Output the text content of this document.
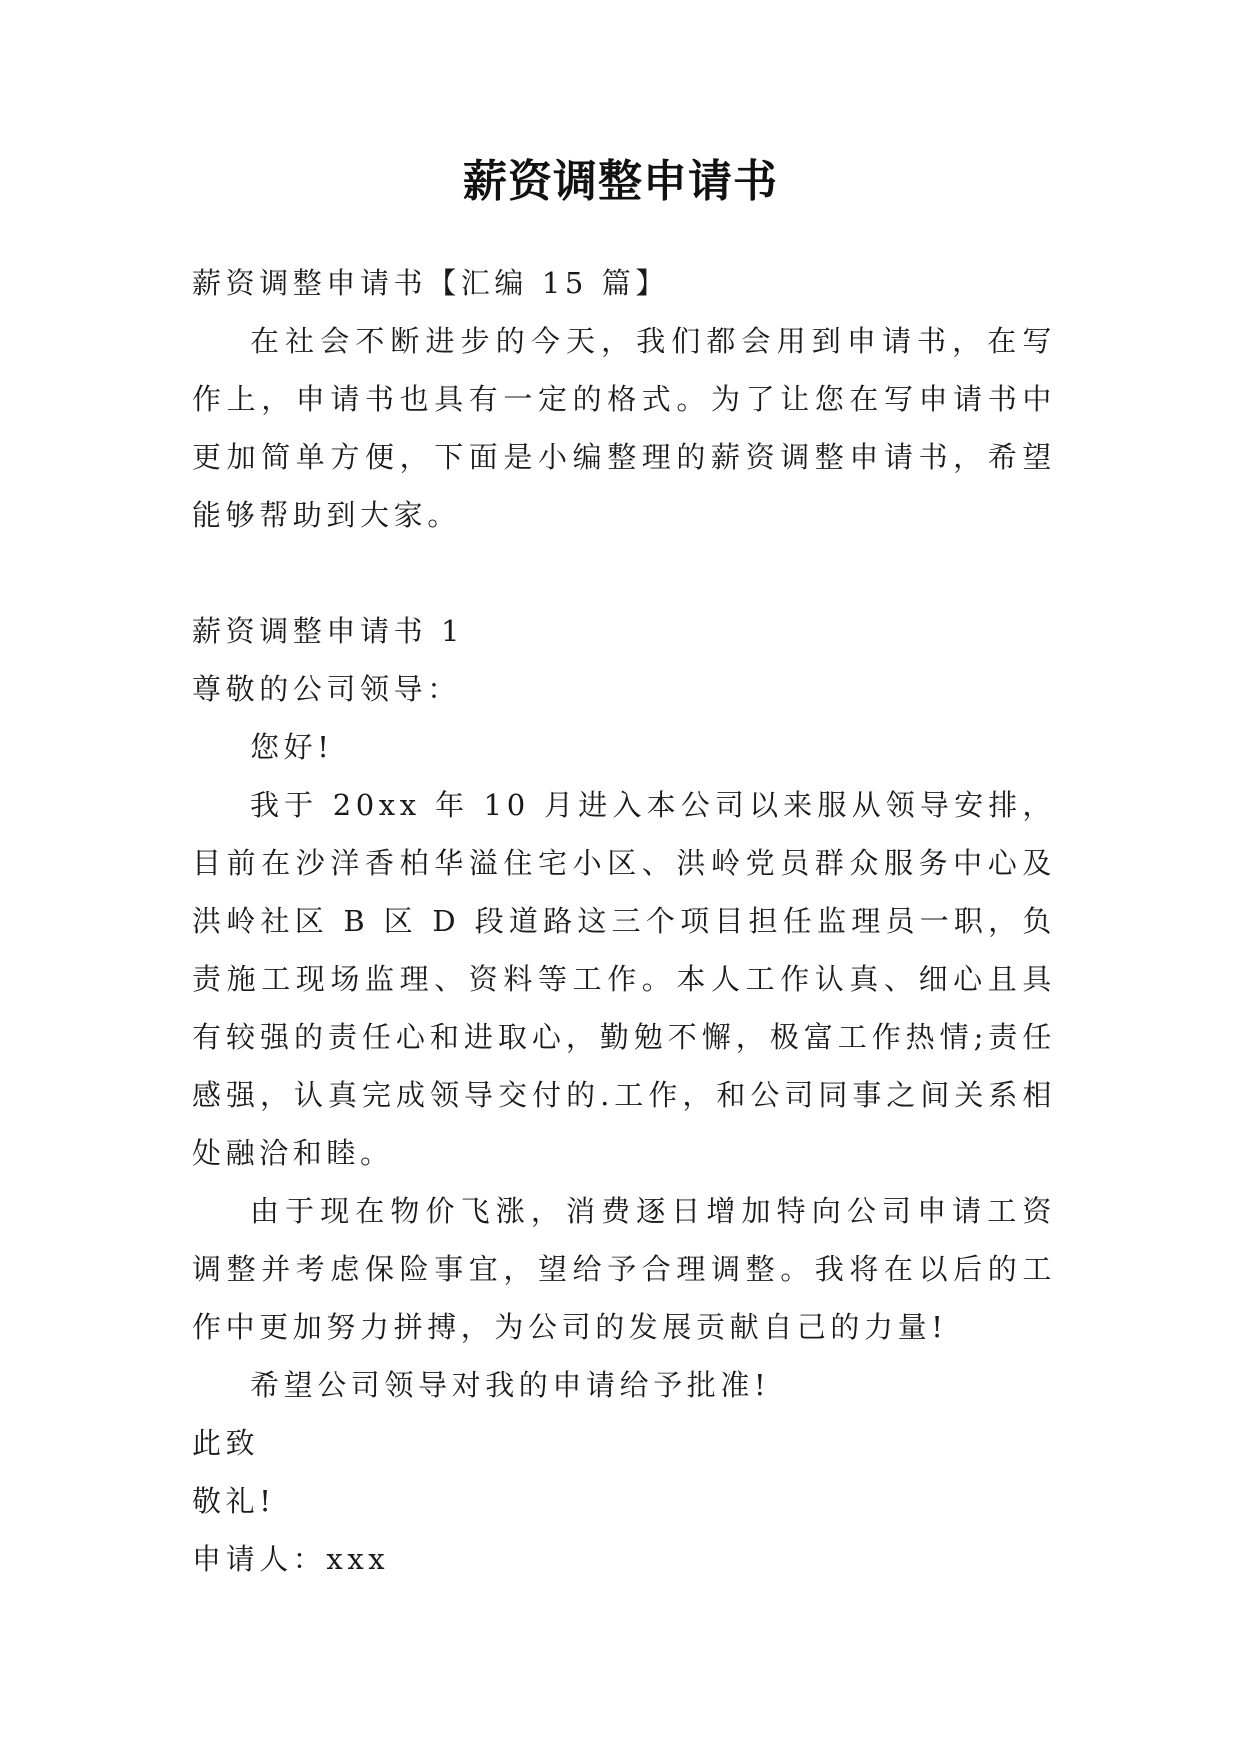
薪资调整申请书

薪资调整申请书【汇编 15 篇】

在社会不断进步的今天，我们都会用到申请书，在写作上，申请书也具有一定的格式。为了让您在写申请书中更加简单方便，下面是小编整理的薪资调整申请书，希望能够帮助到大家。

薪资调整申请书 1

尊敬的公司领导：

您好!

我于 20xx 年 10 月进入本公司以来服从领导安排，目前在沙洋香柏华溢住宅小区、洪岭党员群众服务中心及洪岭社区 B 区 D 段道路这三个项目担任监理员一职，负责施工现场监理、资料等工作。本人工作认真、细心且具有较强的责任心和进取心，勤勉不懈，极富工作热情;责任感强，认真完成领导交付的.工作，和公司同事之间关系相处融洽和睦。

由于现在物价飞涨，消费逐日增加特向公司申请工资调整并考虑保险事宜，望给予合理调整。我将在以后的工作中更加努力拼搏，为公司的发展贡献自己的力量!

希望公司领导对我的申请给予批准!

此致

敬礼!

申请人：xxx
